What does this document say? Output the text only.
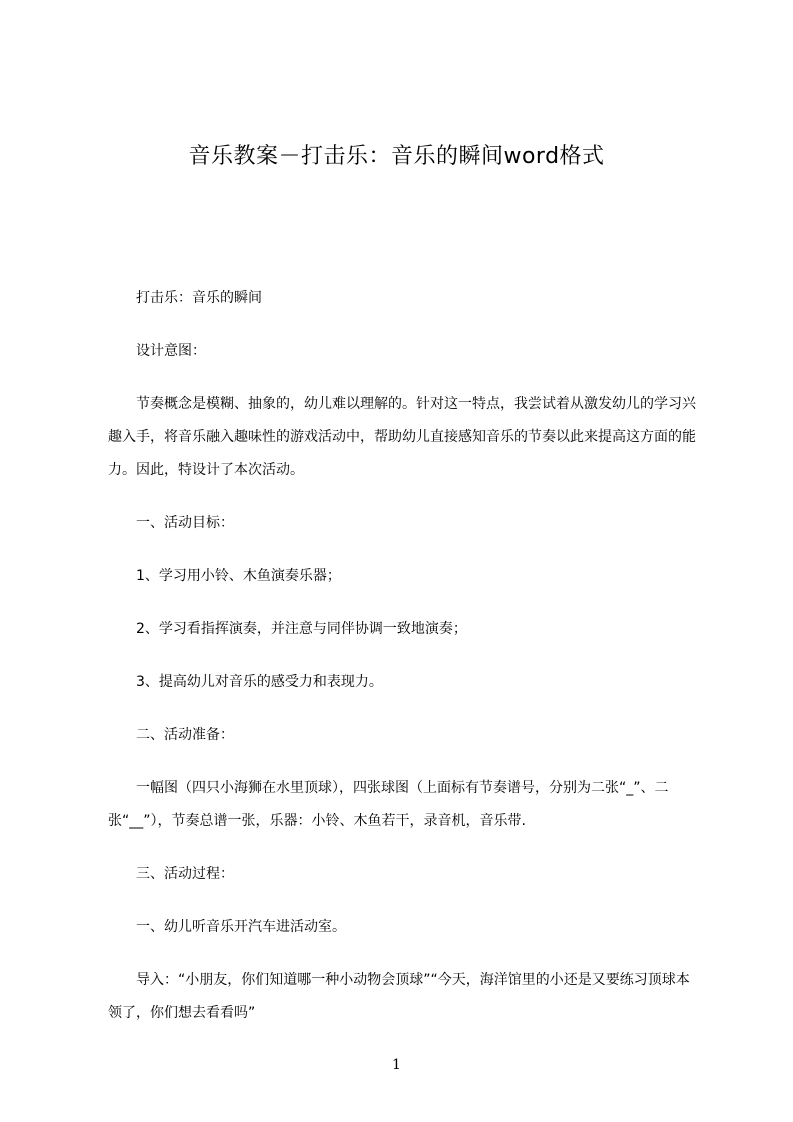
音乐教案－打击乐：音乐的瞬间word格式

打击乐：音乐的瞬间

设计意图：

节奏概念是模糊、抽象的，幼儿难以理解的。针对这一特点，我尝试着从激发幼儿的学习兴趣入手，将音乐融入趣味性的游戏活动中，帮助幼儿直接感知音乐的节奏以此来提高这方面的能力。因此，特设计了本次活动。

一、活动目标：

1、学习用小铃、木鱼演奏乐器；

2、学习看指挥演奏，并注意与同伴协调一致地演奏；

3、提高幼儿对音乐的感受力和表现力。

二、活动准备：

一幅图（四只小海狮在水里顶球），四张球图（上面标有节奏谱号，分别为二张“_”、二张“__”），节奏总谱一张，乐器：小铃、木鱼若干，录音机，音乐带.

三、活动过程：

一、幼儿听音乐开汽车进活动室。

导入：“小朋友，你们知道哪一种小动物会顶球”“今天，海洋馆里的小还是又要练习顶球本领了，你们想去看看吗”

1
